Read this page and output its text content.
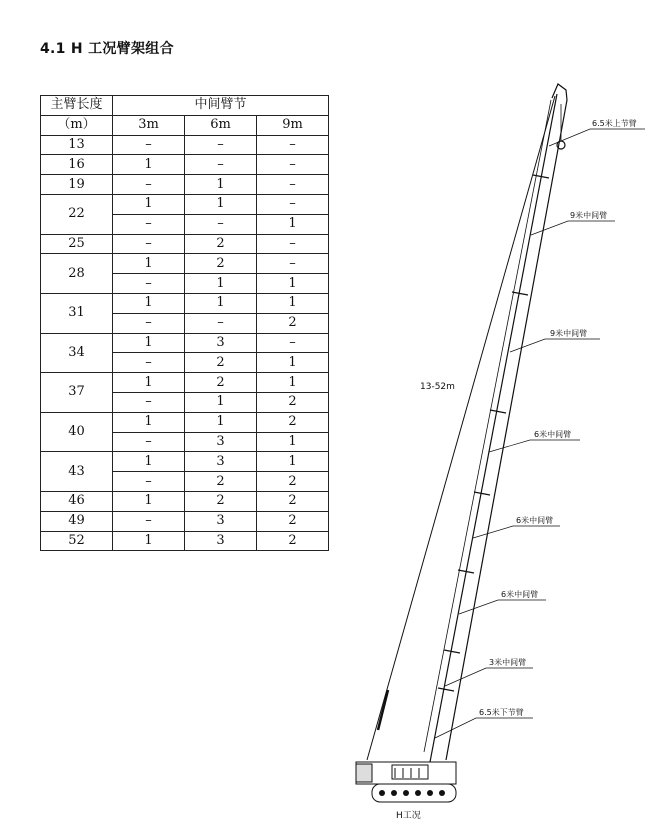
4.1 H 工况臂架组合
主臂长度	中间臂节		
（m）	3m	6m	9m
13	–	–	–
16	1	–	–
19	–	1	–
22	1	1	–
	–	–	1
25	–	2	–
28	1	2	–
	–	1	1
31	1	1	1
	–	–	2
34	1	3	–
	–	2	1
37	1	2	1
	–	1	2
40	1	1	2
	–	3	1
43	1	3	1
	–	2	2
46	1	2	2
49	–	3	2
52	1	3	2
6.5米上节臂
9米中间臂
9米中间臂
6米中间臂
6米中间臂
6米中间臂
3米中间臂
6.5米下节臂
13-52m
H工况
